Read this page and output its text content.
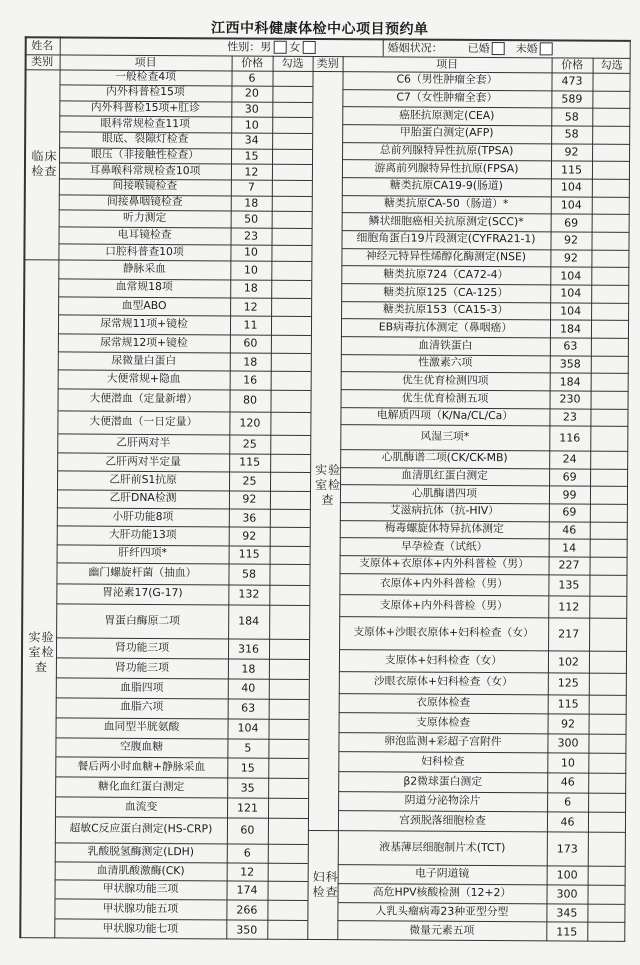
江西中科健康体检中心项目预约单
姓名	性别：男 女	婚姻状况：
已婚 未婚
类别	项目	价格	勾选	类别	项目	价格	勾选
一般检查4项	6
内外科普检15项	20
内外科普检15项+肛诊	30
眼科常规检查11项	10
眼底、裂隙灯检查	34
眼压（非接触性检查）	15
耳鼻喉科常规检查10项	12
间接喉镜检查	7
间接鼻咽镜检查	18
听力测定	50
电耳镜检查	23
口腔科普查10项	10
静脉采血	10
血常规18项	18
血型ABO	12
尿常规11项+镜检	11
尿常规12项+镜检	60
尿微量白蛋白	18
大便常规+隐血	16
大便潜血（定量新增）	80
大便潜血（一日定量）	120
乙肝两对半	25
乙肝两对半定量	115
乙肝前S1抗原	25
乙肝DNA检测	92
小肝功能8项	36
大肝功能13项	92
肝纤四项*	115
幽门螺旋杆菌（抽血）	58
胃泌素17(G-17)	132
胃蛋白酶原二项	184
肾功能三项	316
肾功能三项	18
血脂四项	40
血脂六项	63
血同型半胱氨酸	104
空腹血糖	5
餐后两小时血糖+静脉采血	15
糖化血红蛋白测定	35
血流变	121
超敏C反应蛋白测定(HS-CRP)	60
乳酸脱氢酶测定(LDH)	6
血清肌酸激酶(CK)	12
甲状腺功能三项	174
甲状腺功能五项	266
甲状腺功能七项	350
临床检查
实验室检查
C6（男性肿瘤全套）	473
C7（女性肿瘤全套）	589
癌胚抗原测定(CEA)	58
甲胎蛋白测定(AFP)	58
总前列腺特异性抗原(TPSA)	92
游离前列腺特异性抗原(FPSA)	115
糖类抗原CA19-9(肠道)	104
糖类抗原CA-50（肠道）*	104
鳞状细胞癌相关抗原测定(SCC)*	69
细胞角蛋白19片段测定(CYFRA21-1)	92
神经元特异性烯醇化酶测定(NSE)	92
糖类抗原724（CA72-4）	104
糖类抗原125（CA-125）	104
糖类抗原153（CA15-3）	104
EB病毒抗体测定（鼻咽癌）	184
血清铁蛋白	63
性激素六项	358
优生优育检测四项	184
优生优育检测五项	230
电解质四项（K/Na/CL/Ca）	23
风湿三项*	116
心肌酶谱二项(CK/CK-MB)	24
血清肌红蛋白测定	69
心肌酶谱四项	99
艾滋病抗体（抗-HIV）	69
梅毒螺旋体特异抗体测定	46
早孕检查（试纸）	14
支原体+衣原体+内外科普检（男）	227
衣原体+内外科普检（男）	135
支原体+内外科普检（男）	112
支原体+沙眼衣原体+妇科检查（女）	217
支原体+妇科检查（女）	102
沙眼衣原体+妇科检查（女）	125
衣原体检查	115
支原体检查	92
卵泡监测+彩超子宫附件	300
妇科检查	10
β2微球蛋白测定	46
阴道分泌物涂片	6
宫颈脱落细胞检查	46
液基薄层细胞制片术(TCT)	173
电子阴道镜	100
高危HPV核酸检测（12+2）	300
人乳头瘤病毒23种亚型分型	345
微量元素五项	115
实验室检查
妇科检查
